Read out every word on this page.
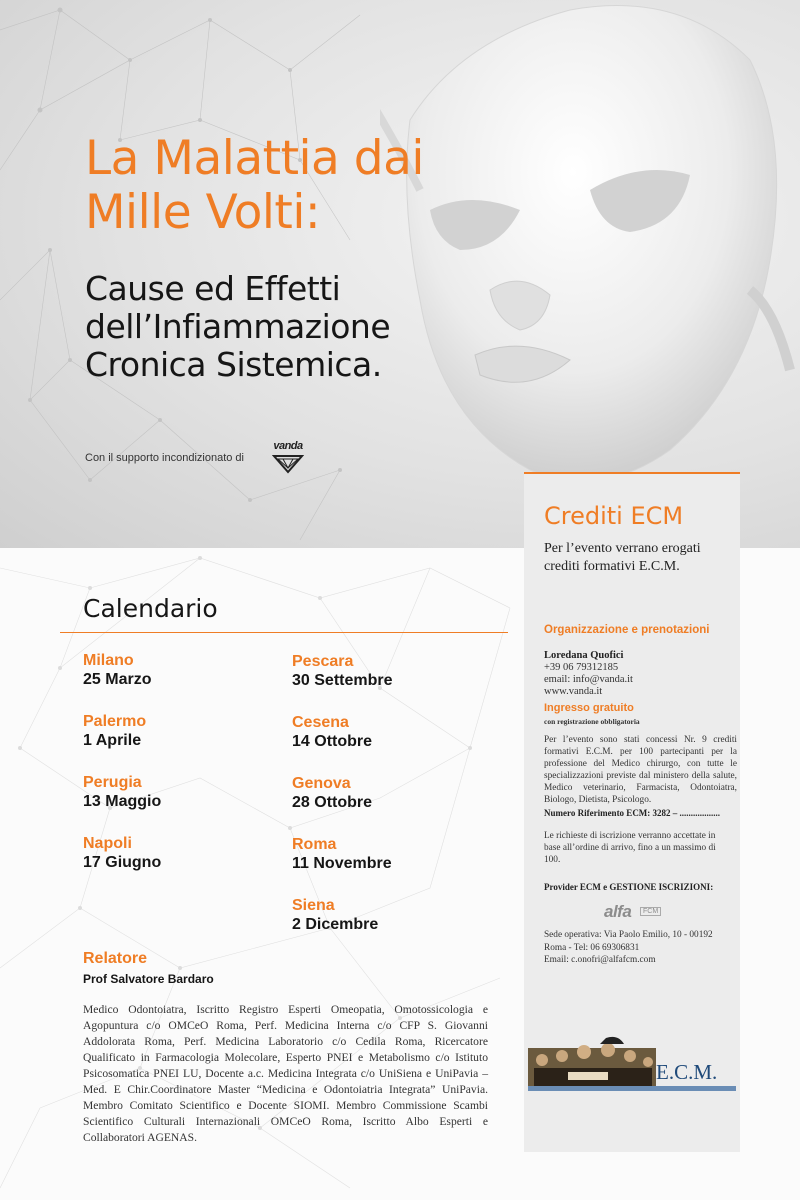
La Malattia dai
Mille Volti:
Cause ed Effetti
dell’Infiammazione
Cronica Sistemica.
Con il supporto incondizionato di
vanda
Calendario
Milano
25 Marzo
Palermo
1 Aprile
Perugia
13 Maggio
Napoli
17 Giugno
Pescara
30 Settembre
Cesena
14 Ottobre
Genova
28 Ottobre
Roma
11 Novembre
Siena
2 Dicembre
Relatore
Prof Salvatore Bardaro
Medico Odontoiatra, Iscritto Registro Esperti Omeopatia, Omotossicologia e Agopuntura c/o OMCeO Roma, Perf. Medicina Interna c/o CFP S. Giovanni Addolorata Roma, Perf. Medicina Laboratorio c/o Cedila Roma, Ricercatore Qualificato in Farmacologia Molecolare, Esperto PNEI e Metabolismo c/o Istituto Psicosomatica PNEI LU, Docente a.c. Medicina Integrata c/o UniSiena e UniPavia – Med. E Chir.Coordinatore Master “Medicina e Odontoiatria Integrata” UniPavia. Membro Comitato Scientifico e Docente SIOMI. Membro Commissione Scambi Scientifico Culturali Internazionali OMCeO Roma, Iscritto Albo Esperti e Collaboratori AGENAS.
Crediti ECM
Per l’evento verrano erogati crediti formativi E.C.M.
Organizzazione e prenotazioni
Loredana Quofici
+39 06 79312185
email: info@vanda.it
www.vanda.it
Ingresso gratuito
con registrazione obbligatoria
Per l’evento sono stati concessi Nr. 9 crediti formativi E.C.M. per 100 partecipanti per la professione del Medico chirurgo, con tutte le specializzazioni previste dal ministero della salute, Medico veterinario, Farmacista, Odontoiatra, Biologo, Dietista, Psicologo.
Numero Riferimento ECM: 3282 – ..................
Le richieste di iscrizione verranno accettate in base all’ordine di arrivo, fino a un massimo di 100.
Provider ECM e GESTIONE ISCRIZIONI:
alfa	FCM
Sede operativa: Via Paolo Emilio, 10 - 00192
Roma - Tel: 06 69306831
Email: c.onofri@alfafcm.com
E.C.M.
